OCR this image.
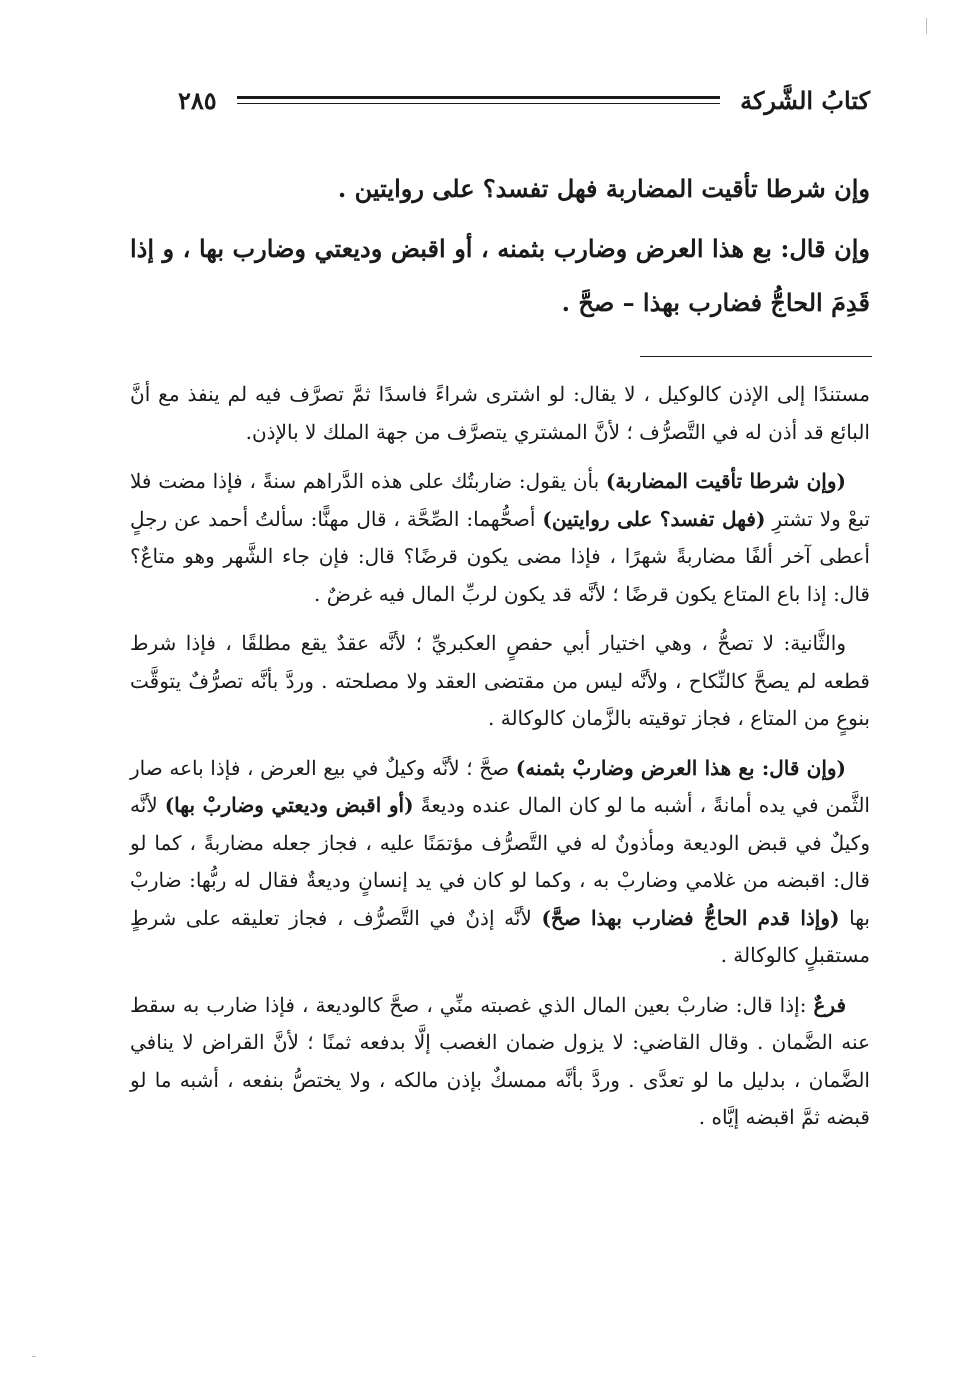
كتابُ الشَّركة
٢٨٥

وإن شرطا تأقيت المضاربة فهل تفسد؟ على روايتين .

وإن قال: بع هذا العرض وضارب بثمنه ، أو اقبض وديعتي وضارب بها ، و إذا قَدِمَ الحاجُّ فضارب بهذا – صحَّ .

مستندًا إلى الإذن كالوكيل ، لا يقال: لو اشترى شراءً فاسدًا ثمَّ تصرَّف فيه لم ينفذ مع أنَّ البائع قد أذن له في التَّصرُّف ؛ لأنَّ المشتري يتصرَّف من جهة الملك لا بالإذن.

(وإن شرطا تأقيت المضاربة) بأن يقول: ضاربتُك على هذه الدَّراهم سنةً ، فإذا مضت فلا تبعْ ولا تشترِ (فهل تفسد؟ على روايتين) أصحُّهما: الصِّحَّة ، قال مهنًّا: سألتُ أحمد عن رجلٍ أعطى آخر ألفًا مضاربةً شهرًا ، فإذا مضى يكون قرضًا؟ قال: فإن جاء الشَّهر وهو متاعٌ؟ قال: إذا باع المتاع يكون قرضًا ؛ لأنَّه قد يكون لربِّ المال فيه غرضٌ .

والثَّانية: لا تصحُّ ، وهي اختيار أبي حفصٍ العكبريِّ ؛ لأنَّه عقدٌ يقع مطلقًا ، فإذا شرط قطعه لم يصحَّ كالنِّكاح ، ولأنَّه ليس من مقتضى العقد ولا مصلحته . وردَّ بأنَّه تصرُّفٌ يتوقَّت بنوعٍ من المتاع ، فجاز توقيته بالزَّمان كالوكالة .

(وإن قال: بع هذا العرض وضاربْ بثمنه) صحَّ ؛ لأنَّه وكيلٌ في بيع العرض ، فإذا باعه صار الثَّمن في يده أمانةً ، أشبه ما لو كان المال عنده وديعةً (أو اقبض وديعتي وضاربْ بها) لأنَّه وكيلٌ في قبض الوديعة ومأذونٌ له في التَّصرُّف مؤتمَنًا عليه ، فجاز جعله مضاربةً ، كما لو قال: اقبضه من غلامي وضاربْ به ، وكما لو كان في يد إنسانٍ وديعةٌ فقال له ربُّها: ضاربْ بها (وإذا قدم الحاجُّ فضارب بهذا صحَّ) لأنَّه إذنٌ في التَّصرُّف ، فجاز تعليقه على شرطٍ مستقبلٍ كالوكالة .

فرعٌ :إذا قال: ضاربْ بعين المال الذي غصبته منِّي ، صحَّ كالوديعة ، فإذا ضارب به سقط عنه الضَّمان . وقال القاضي: لا يزول ضمان الغصب إلَّا بدفعه ثمنًا ؛ لأنَّ القراض لا ينافي الضَّمان ، بدليل ما لو تعدَّى . وردَّ بأنَّه ممسكٌ بإذن مالكه ، ولا يختصُّ بنفعه ، أشبه ما لو قبضه ثمَّ اقبضه إيَّاه .
